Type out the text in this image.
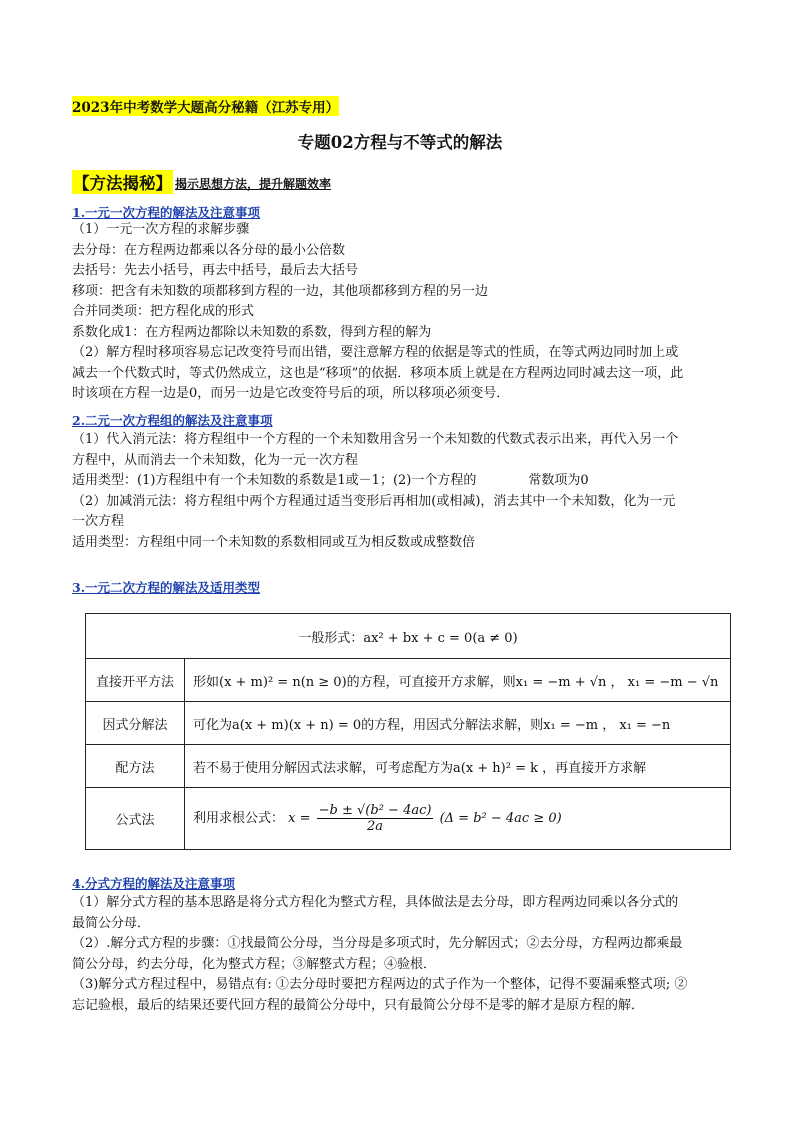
2023年中考数学大题高分秘籍（江苏专用）
专题02方程与不等式的解法
【方法揭秘】 揭示思想方法，提升解题效率
1.一元一次方程的解法及注意事项

（1）一元一次方程的求解步骤

去分母：在方程两边都乘以各分母的最小公倍数

去括号：先去小括号，再去中括号，最后去大括号

移项：把含有未知数的项都移到方程的一边，其他项都移到方程的另一边

合并同类项：把方程化成的形式

系数化成1：在方程两边都除以未知数的系数，得到方程的解为

（2）解方程时移项容易忘记改变符号而出错，要注意解方程的依据是等式的性质，在等式两边同时加上或

减去一个代数式时，等式仍然成立，这也是“移项”的依据．移项本质上就是在方程两边同时减去这一项，此

时该项在方程一边是0，而另一边是它改变符号后的项，所以移项必须变号．

2.二元一次方程组的解法及注意事项

（1）代入消元法：将方程组中一个方程的一个未知数用含另一个未知数的代数式表示出来，再代入另一个

方程中，从而消去一个未知数，化为一元一次方程

适用类型：(1)方程组中有一个未知数的系数是1或－1；(2)一个方程的　　　　常数项为0

（2）加减消元法：将方程组中两个方程通过适当变形后再相加(或相减)，消去其中一个未知数，化为一元

一次方程

适用类型：方程组中同一个未知数的系数相同或互为相反数或成整数倍

3.一元二次方程的解法及适用类型
一般形式：ax² + bx + c = 0(a ≠ 0)	
直接开平方法	形如(x + m)² = n(n ≥ 0)的方程，可直接开方求解，则x₁ = −m + √n ， x₁ = −m − √n
因式分解法	可化为a(x + m)(x + n) = 0的方程，用因式分解法求解，则x₁ = −m ， x₁ = −n
配方法	若不易于使用分解因式法求解，可考虑配方为a(x + h)² = k ，再直接开方求解
公式法	利用求根公式： $x = \frac{\text{−b ± √(b² − 4ac)}}{2a} (\Delta = b^2 - 4ac \ge 0)$
4.分式方程的解法及注意事项

（1）解分式方程的基本思路是将分式方程化为整式方程，具体做法是去分母，即方程两边同乘以各分式的

最简公分母．

（2）.解分式方程的步骤：①找最简公分母，当分母是多项式时，先分解因式；②去分母，方程两边都乘最

简公分母，约去分母，化为整式方程；③解整式方程；④验根．

（3)解分式方程过程中，易错点有: ①去分母时要把方程两边的式子作为一个整体，记得不要漏乘整式项; ②

忘记验根，最后的结果还要代回方程的最简公分母中，只有最简公分母不是零的解才是原方程的解．
